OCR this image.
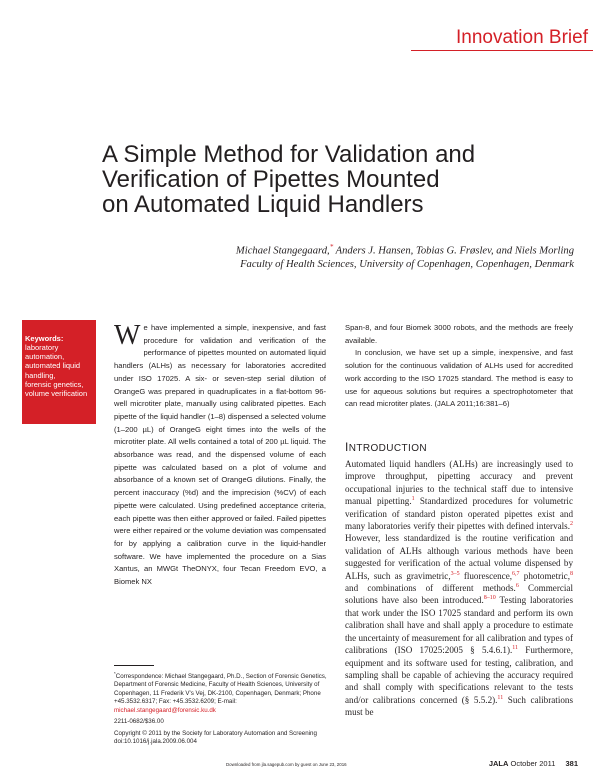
Innovation Brief
A Simple Method for Validation and
Verification of Pipettes Mounted
on Automated Liquid Handlers
Michael Stangegaard,* Anders J. Hansen, Tobias G. Frøslev, and Niels Morling
Faculty of Health Sciences, University of Copenhagen, Copenhagen, Denmark
Keywords:
laboratory
automation,
automated liquid
handling,
forensic genetics,
volume verification
We have implemented a simple, inexpensive, and fast procedure for validation and verification of the performance of pipettes mounted on automated liquid handlers (ALHs) as necessary for laboratories accredited under ISO 17025. A six- or seven-step serial dilution of OrangeG was prepared in quadruplicates in a flat-bottom 96-well microtiter plate, manually using calibrated pipettes. Each pipette of the liquid handler (1–8) dispensed a selected volume (1–200 µL) of OrangeG eight times into the wells of the microtiter plate. All wells contained a total of 200 µL liquid. The absorbance was read, and the dispensed volume of each pipette was calculated based on a plot of volume and absorbance of a known set of OrangeG dilutions. Finally, the percent inaccuracy (%d) and the imprecision (%CV) of each pipette were calculated. Using predefined acceptance criteria, each pipette was then either approved or failed. Failed pipettes were either repaired or the volume deviation was compensated for by applying a calibration curve in the liquid-handler software. We have implemented the procedure on a Sias Xantus, an MWGt TheONYX, four Tecan Freedom EVO, a Biomek NX

Span-8, and four Biomek 3000 robots, and the methods are freely available.

In conclusion, we have set up a simple, inexpensive, and fast solution for the continuous validation of ALHs used for accredited work according to the ISO 17025 standard. The method is easy to use for aqueous solutions but requires a spectrophotometer that can read microtiter plates. (JALA 2011;16:381–6)

INTRODUCTION
Automated liquid handlers (ALHs) are increasingly used to improve throughput, pipetting accuracy and prevent occupational injuries to the technical staff due to intensive manual pipetting.$^1$ Standardized procedures for volumetric verification of standard piston operated pipettes exist and many laboratories verify their pipettes with defined intervals.$^2$ However, less standardized is the routine verification and validation of ALHs although various methods have been suggested for verification of the actual volume dispensed by ALHs, such as gravimetric,$^{3-5}$ fluorescence,$^{6,7}$ photometric,$^8$ and combinations of different methods.$^6$ Commercial solutions have also been introduced.$^{8-10}$ Testing laboratories that work under the ISO 17025 standard and perform its own calibration shall have and shall apply a procedure to estimate the uncertainty of measurement for all calibration and types of calibrations (ISO 17025:2005 § 5.4.6.1).$^{11}$ Furthermore, equipment and its software used for testing, calibration, and sampling shall be capable of achieving the accuracy required and shall comply with specifications relevant to the tests and/or calibrations concerned (§ 5.5.2).$^{11}$ Such calibrations must be

*Correspondence: Michael Stangegaard, Ph.D., Section of Forensic Genetics, Department of Forensic Medicine, Faculty of Health Sciences, University of Copenhagen, 11 Frederik V's Vej, DK-2100, Copenhagen, Denmark; Phone +45.3532.6317; Fax: +45.3532.6209; E-mail: michael.stangegaard@forensic.ku.dk

2211-0682/$36.00

Copyright © 2011 by the Society for Laboratory Automation and Screening

doi:10.1016/j.jala.2009.06.004

Downloaded from jla.sagepub.com by guest on June 23, 2016	JALA October 2011 381
